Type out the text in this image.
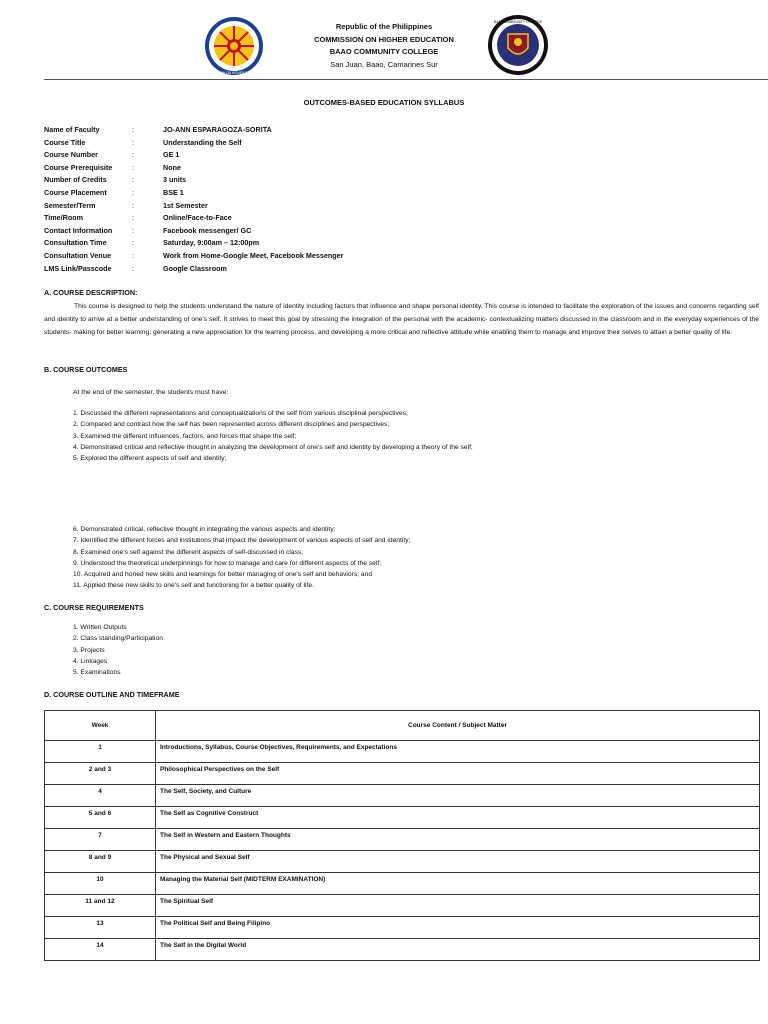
COMMISSION ON HIGHER EDUCATION
Republic of the Philippines
COMMISSION ON HIGHER EDUCATION
BAAO COMMUNITY COLLEGE
San Juan, Baao, Camarines Sur
BAAO COMMUNITY COLLEGE
OUTCOMES-BASED EDUCATION SYLLABUS
Name of Faculty	:	JO-ANN ESPARAGOZA-SORITA
Course Title	:	Understanding the Self
Course Number	:	GE 1
Course Prerequisite	:	None
Number of Credits	:	3 units
Course Placement	:	BSE 1
Semester/Term	:	1st Semester
Time/Room	:	Online/Face-to-Face
Contact Information	:	Facebook messenger/ GC
Consultation Time	:	Saturday, 9:00am – 12:00pm
Consultation Venue	:	Work from Home-Google Meet, Facebook Messenger
LMS Link/Passcode	:	Google Classroom
A. COURSE DESCRIPTION:
This course is designed to help the students understand the nature of identity including factors that influence and shape personal identity. This course is intended to facilitate the exploration of the issues and concerns regarding self and identity to arrive at a better understanding of one's self. It strives to meet this goal by stressing the integration of the personal with the academic- contextualizing matters discussed in the classroom and in the everyday experiences of the students- making for better learning, generating a new appreciation for the learning process, and developing a more critical and reflective attitude while enabling them to manage and improve their selves to attain a better quality of life.
B. COURSE OUTCOMES
At the end of the semester, the students must have:
1. Discussed the different representations and conceptualizations of the self from various disciplinal perspectives;
2. Compared and contrast how the self has been represented across different disciplines and perspectives;
3. Examined the different influences, factors, and forces that shape the self;
4. Demonstrated critical and reflective thought in analyzing the development of one's self and identity by developing a theory of the self;
5. Explored the different aspects of self and identity;
6. Demonstrated critical, reflective thought in integrating the various aspects and identity;
7. Identified the different forces and institutions that impact the development of various aspects of self and identity;
8. Examined one's self against the different aspects of self-discussed in class;
9. Understood the theoretical underpinnings for how to manage and care for different aspects of the self;
10. Acquired and honed new skills and learnings for better managing of one's self and behaviors; and
11. Applied these new skills to one's self and functioning for a better quality of life.
C. COURSE REQUIREMENTS
1. Written Outputs
2. Class standing/Participation
3. Projects
4. Linkages
5. Examinations
D. COURSE OUTLINE AND TIMEFRAME
Week	Course Content / Subject Matter
1	Introductions, Syllabus, Course Objectives, Requirements, and Expectations
2 and 3	Philosophical Perspectives on the Self
4	The Self, Society, and Culture
5 and 6	The Self as Cognitive Construct
7	The Self in Western and Eastern Thoughts
8 and 9	The Physical and Sexual Self
10	Managing the Material Self (MIDTERM EXAMINATION)
11 and 12	The Spiritual Self
13	The Political Self and Being Filipino
14	The Self in the Digital World
